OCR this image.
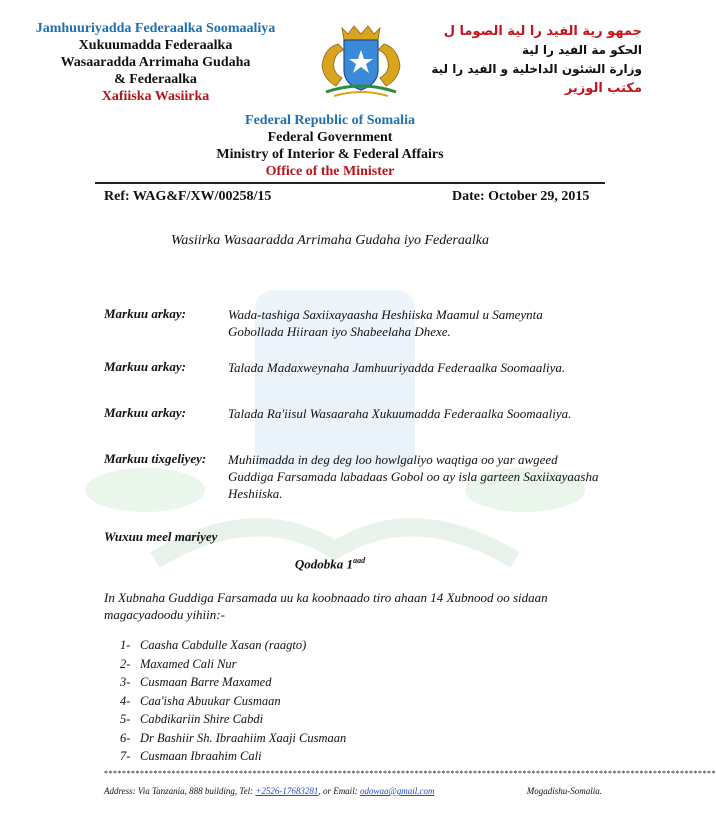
Jamhuuriyadda Federaalka Soomaaliya
Xukuumadda Federaalka
Wasaaradda Arrimaha Gudaha
& Federaalka
Xafiiska Wasiirka
جمهو رية الفيد را لية الصوما ل
الحكو مة الفيد را لية
وزارة الشئون الداخلية و الفيد را لية
مكتب الوزير
Federal Republic of Somalia
Federal Government
Ministry of Interior & Federal Affairs
Office of the Minister
Ref: WAG&F/XW/00258/15	Date: October 29, 2015
Wasiirka Wasaaradda Arrimaha Gudaha iyo Federaalka
Markuu arkay:	Wada-tashiga Saxiixayaasha Heshiiska Maamul u Sameynta Gobollada Hiiraan iyo Shabeelaha Dhexe.
Markuu arkay:	Talada Madaxweynaha Jamhuuriyadda Federaalka Soomaaliya.
Markuu arkay:	Talada Ra'iisul Wasaaraha Xukuumadda Federaalka Soomaaliya.
Markuu tixgeliyey: Muhiimadda in deg deg loo howlgaliyo waqtiga oo yar awgeed Guddiga Farsamada labadaas Gobol oo ay isla garteen Saxiixayaasha Heshiiska.
Wuxuu meel mariyey
Qodobka $1^{aad}$
In Xubnaha Guddiga Farsamada uu ka koobnaado tiro ahaan 14 Xubnood oo sidaan magacyadoodu yihiin:-
1- Caasha Cabdulle Xasan (raagto)
2- Maxamed Cali Nur
3- Cusmaan Barre Maxamed
4- Caa'isha Abuukar Cusmaan
5- Cabdikariin Shire Cabdi
6- Dr Bashiir Sh. Ibraahiim Xaaji Cusmaan
7- Cusmaan Ibraahim Cali
****************************************************************************************************************************************
Address: Via Tanzania, 888 building, Tel: +2526-17683281, or Email: odowaa@gmail.com	Mogadishu-Somalia.
